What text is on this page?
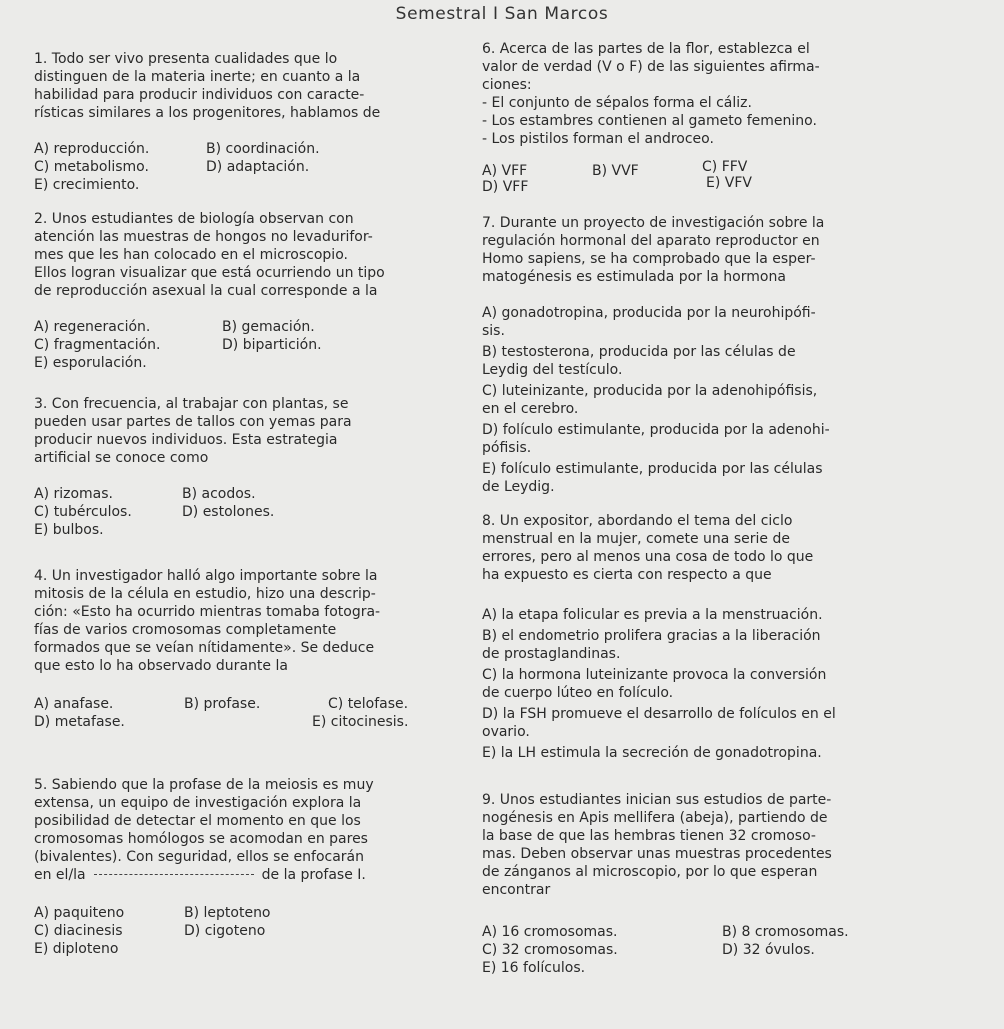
Semestral I San Marcos

1. Todo ser vivo presenta cualidades que lo
distinguen de la materia inerte; en cuanto a la
habilidad para producir individuos con caracte-
rísticas similares a los progenitores, hablamos de

A) reproducción.	B) coordinación.
C) metabolismo.	D) adaptación.
E) crecimiento.

2. Unos estudiantes de biología observan con
atención las muestras de hongos no levadurifor-
mes que les han colocado en el microscopio.
Ellos logran visualizar que está ocurriendo un tipo
de reproducción asexual la cual corresponde a la

A) regeneración.	B) gemación.
C) fragmentación.	D) bipartición.
E) esporulación.

3. Con frecuencia, al trabajar con plantas, se
pueden usar partes de tallos con yemas para
producir nuevos individuos. Esta estrategia
artificial se conoce como

A) rizomas.	B) acodos.
C) tubérculos.	D) estolones.
E) bulbos.

4. Un investigador halló algo importante sobre la
mitosis de la célula en estudio, hizo una descrip-
ción: «Esto ha ocurrido mientras tomaba fotogra-
fías de varios cromosomas completamente
formados que se veían nítidamente». Se deduce
que esto lo ha observado durante la

A) anafase.	B) profase.	C) telofase.
D) metafase.	E) citocinesis.

5. Sabiendo que la profase de la meiosis es muy
extensa, un equipo de investigación explora la
posibilidad de detectar el momento en que los
cromosomas homólogos se acomodan en pares
(bivalentes). Con seguridad, ellos se enfocarán

en el/la	de la profase I.

A) paquiteno	B) leptoteno
C) diacinesis	D) cigoteno
E) diploteno

6. Acerca de las partes de la flor, establezca el
valor de verdad (V o F) de las siguientes afirma-
ciones:
- El conjunto de sépalos forma el cáliz.
- Los estambres contienen al gameto femenino.
- Los pistilos forman el androceo.

A) VFF	B) VVF	C) FFV
D) VFF	E) VFV

7. Durante un proyecto de investigación sobre la
regulación hormonal del aparato reproductor en
Homo sapiens, se ha comprobado que la esper-
matogénesis es estimulada por la hormona

A) gonadotropina, producida por la neurohipófi-
sis.

B) testosterona, producida por las células de
Leydig del testículo.

C) luteinizante, producida por la adenohipófisis,
en el cerebro.

D) folículo estimulante, producida por la adenohi-
pófisis.

E) folículo estimulante, producida por las células
de Leydig.

8. Un expositor, abordando el tema del ciclo
menstrual en la mujer, comete una serie de
errores, pero al menos una cosa de todo lo que
ha expuesto es cierta con respecto a que

A) la etapa folicular es previa a la menstruación.

B) el endometrio prolifera gracias a la liberación
de prostaglandinas.

C) la hormona luteinizante provoca la conversión
de cuerpo lúteo en folículo.

D) la FSH promueve el desarrollo de folículos en el
ovario.

E) la LH estimula la secreción de gonadotropina.

9. Unos estudiantes inician sus estudios de parte-
nogénesis en Apis mellifera (abeja), partiendo de
la base de que las hembras tienen 32 cromoso-
mas. Deben observar unas muestras procedentes
de zánganos al microscopio, por lo que esperan
encontrar

A) 16 cromosomas.	B) 8 cromosomas.
C) 32 cromosomas.	D) 32 óvulos.
E) 16 folículos.
